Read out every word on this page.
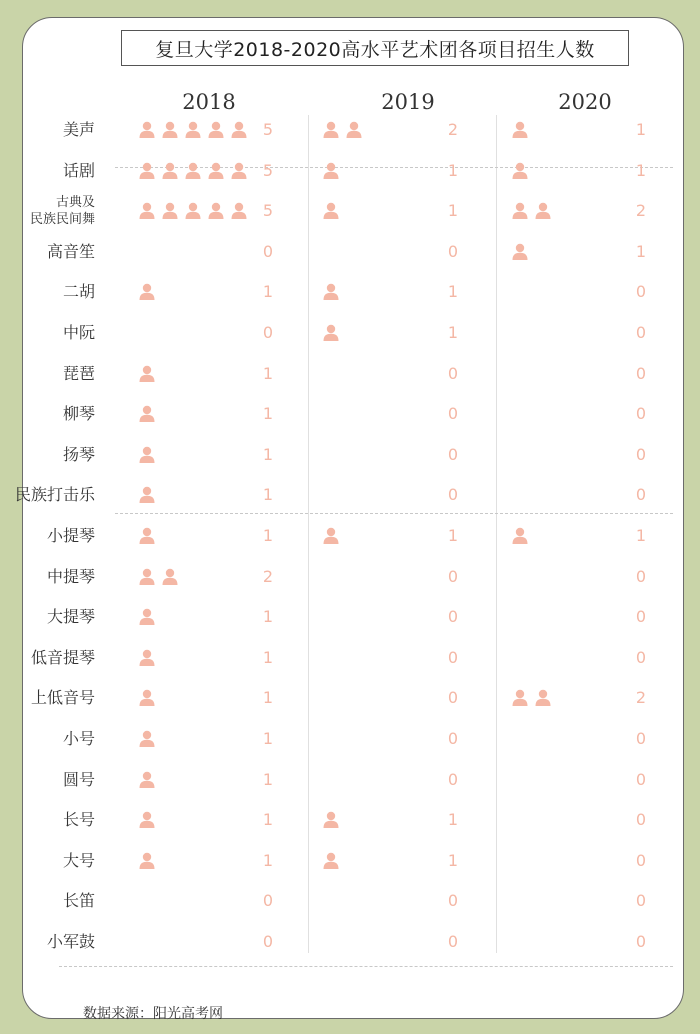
复旦大学2018-2020高水平艺术团各项目招生人数
2018	2019	2020
美声	5	2	1
话剧	5	1	1
古典及
民族民间舞	5	1	2
高音笙	0	0	1
二胡	1	1	0
中阮	0	1	0
琵琶	1	0	0
柳琴	1	0	0
扬琴	1	0	0
民族打击乐	1	0	0
小提琴	1	1	1
中提琴	2	0	0
大提琴	1	0	0
低音提琴	1	0	0
上低音号	1	0	2
小号	1	0	0
圆号	1	0	0
长号	1	1	0
大号	1	1	0
长笛	0	0	0
小军鼓	0	0	0
数据来源：阳光高考网
